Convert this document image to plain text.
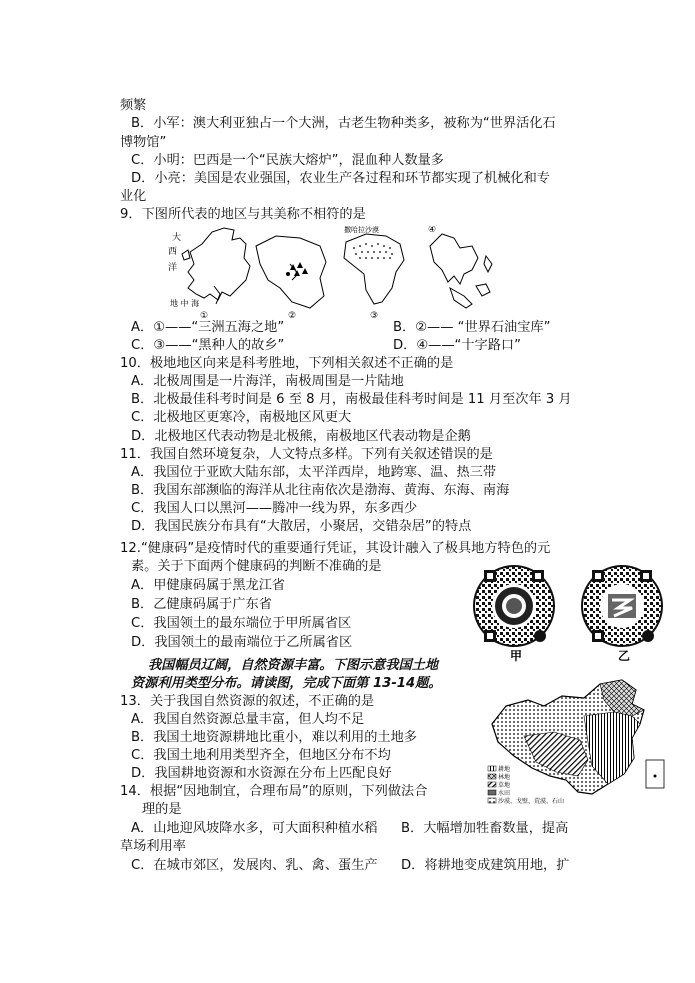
频繁
B．小军：澳大利亚独占一个大洲，古老生物种类多，被称为“世界活化石
博物馆”
C．小明：巴西是一个“民族大熔炉”，混血种人数量多
D．小亮：美国是农业强国，农业生产各过程和环节都实现了机械化和专
业化
9．下图所代表的地区与其美称不相符的是
大
西
洋
地 中 海
①	②
撒哈拉沙漠
③
④
A．①——“三洲五海之地”	B．②—— “世界石油宝库”
C．③——“黑种人的故乡”	D．④——“十字路口”
10．极地地区向来是科考胜地，下列相关叙述不正确的是
A．北极周围是一片海洋，南极周围是一片陆地
B．北极最佳科考时间是 6 至 8 月，南极最佳科考时间是 11 月至次年 3 月
C．北极地区更寒冷，南极地区风更大
D．北极地区代表动物是北极熊，南极地区代表动物是企鹅
11．我国自然环境复杂，人文特点多样。下列有关叙述错误的是
A．我国位于亚欧大陆东部，太平洋西岸，地跨寒、温、热三带
B．我国东部濒临的海洋从北往南依次是渤海、黄海、东海、南海
C．我国人口以黑河——腾冲一线为界，东多西少
D．我国民族分布具有“大散居，小聚居，交错杂居”的特点
12.“健康码”是疫情时代的重要通行凭证，其设计融入了极具地方特色的元
素。关于下面两个健康码的判断不准确的是
A．甲健康码属于黑龙江省
B．乙健康码属于广东省
C．我国领土的最东端位于甲所属省区
D．我国领土的最南端位于乙所属省区
甲	乙
我国幅员辽阔，自然资源丰富。下图示意我国土地
资源利用类型分布。请读图，完成下面第 13-14题。
13．关于我国自然资源的叙述，不正确的是
A．我国自然资源总量丰富，但人均不足
B．我国土地资源耕地比重小，难以利用的土地多
C．我国土地利用类型齐全，但地区分布不均
D．我国耕地资源和水资源在分布上匹配良好
14．根据“因地制宜，合理布局”的原则，下列做法合
理的是
A．山地迎风坡降水多，可大面积种植水稻 B．大幅增加牲畜数量，提高
草场利用率
C．在城市郊区，发展肉、乳、禽、蛋生产 D．将耕地变成建筑用地，扩
耕地
林地
草地
水田
沙漠、戈壁、荒漠、石山
